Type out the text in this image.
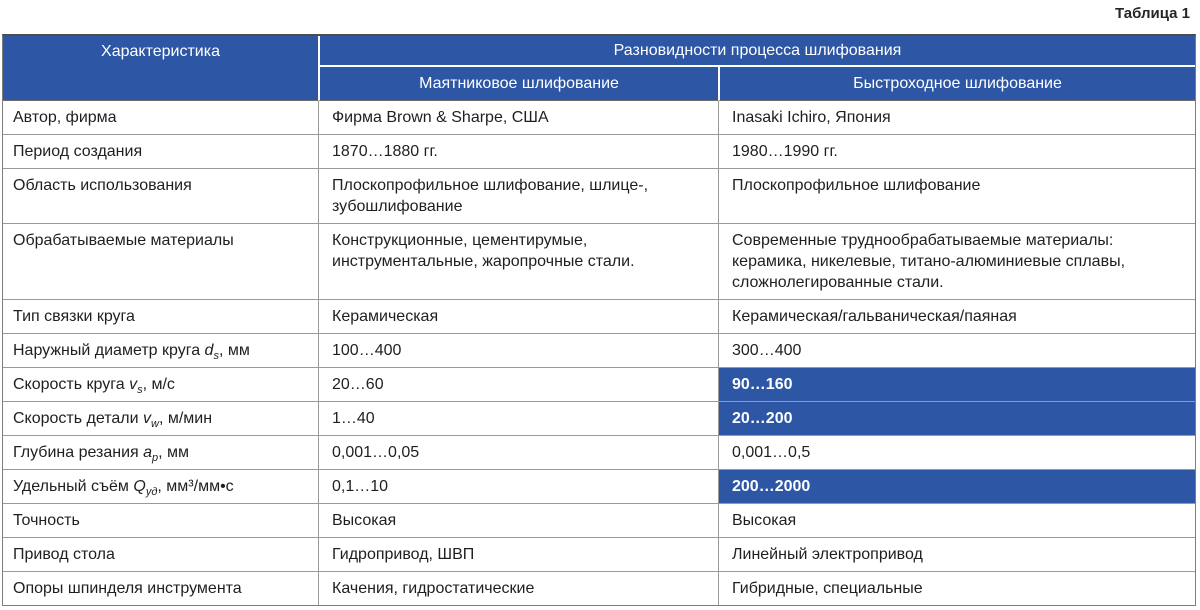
Таблица 1
Характеристика	Разновидности процесса шлифования	
	Маятниковое шлифование	Быстроходное шлифование
Автор, фирма	Фирма Brown & Sharpe, США	Inasaki Ichiro, Япония
Период создания	1870…1880 гг.	1980…1990 гг.
Область использования	Плоскопрофильное шлифование, шлице-, зубошлифование	Плоскопрофильное шлифование
Обрабатываемые материалы	Конструкционные, цементирумые, инструментальные, жаропрочные стали.	Современные труднообрабатываемые материалы: керамика, никелевые, титано-алюминиевые сплавы, сложнолегированные стали.
Тип связки круга	Керамическая	Керамическая/гальваническая/паяная
Наружный диаметр круга $d_s$, мм	100…400	300…400
Скорость круга $v_s$, м/с	20…60	90…160
Скорость детали $v_w$, м/мин	1…40	20…200
Глубина резания $a_p$, мм	0,001…0,05	0,001…0,5
Удельный съём $Q_{уд}$, мм³/мм•с	0,1…10	200…2000
Точность	Высокая	Высокая
Привод стола	Гидропривод, ШВП	Линейный электропривод
Опоры шпинделя инструмента	Качения, гидростатические	Гибридные, специальные
